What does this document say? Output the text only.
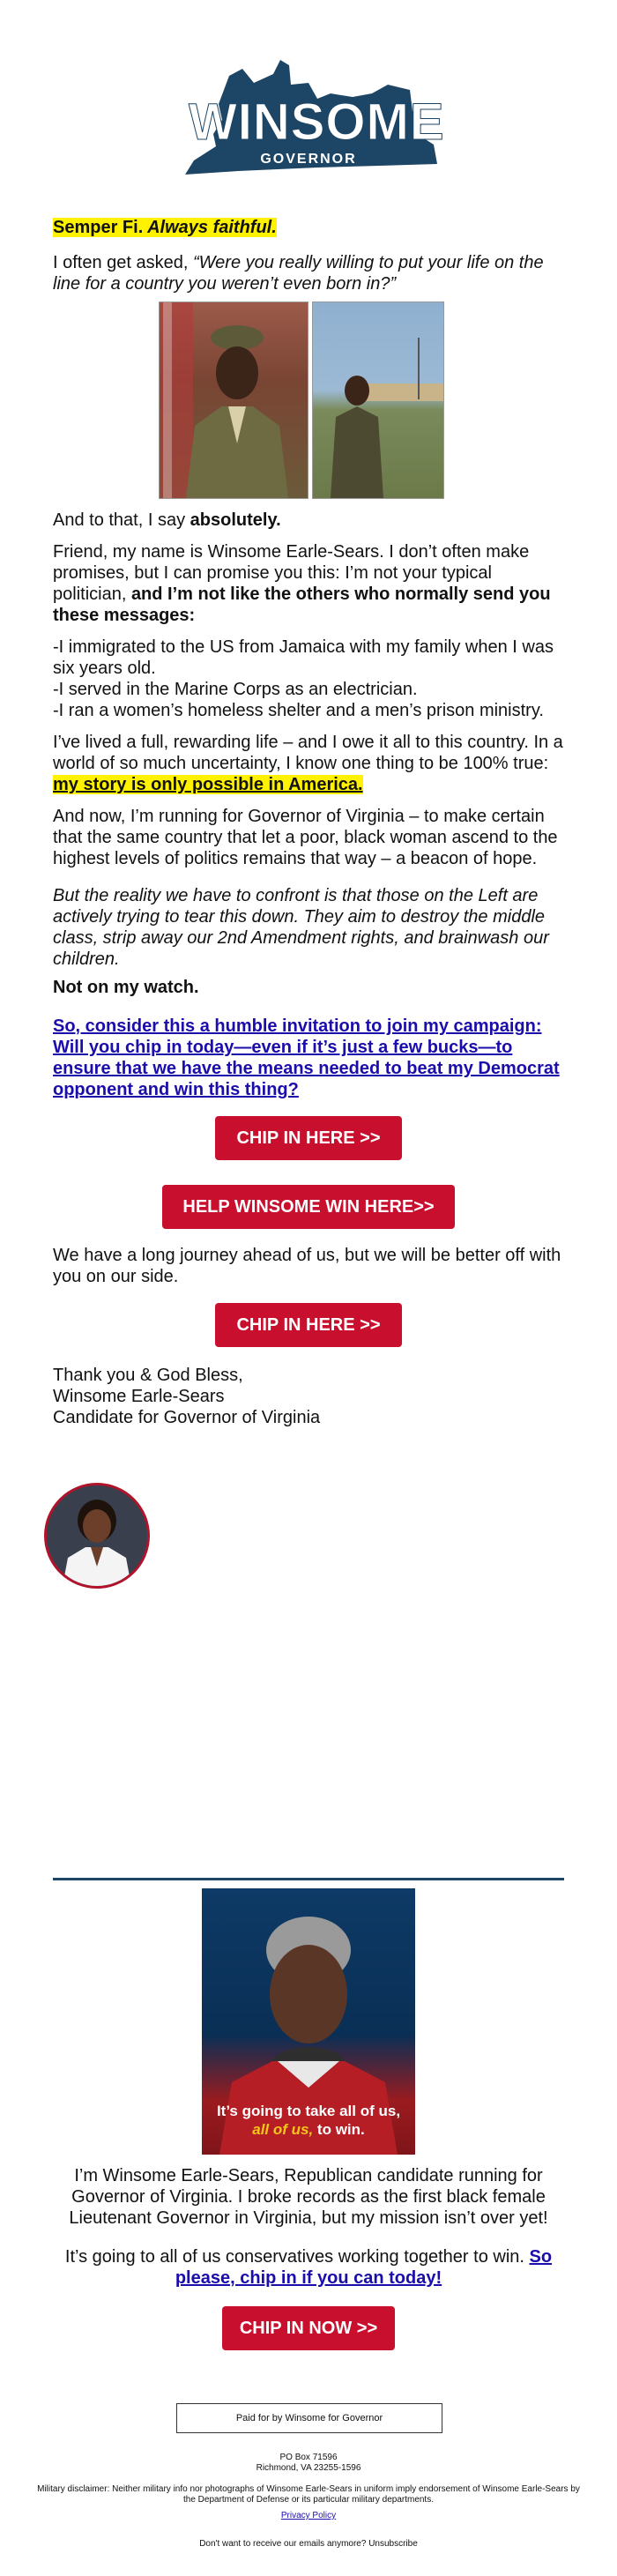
WINSOME
GOVERNOR
Semper Fi. Always faithful.

I often get asked, “Were you really willing to put your life on the line for a country you weren’t even born in?”

And to that, I say absolutely.

Friend, my name is Winsome Earle-Sears. I don’t often make promises, but I can promise you this: I’m not your typical politician, and I’m not like the others who normally send you these messages:

-I immigrated to the US from Jamaica with my family when I was six years old.

-I served in the Marine Corps as an electrician.

-I ran a women’s homeless shelter and a men’s prison ministry.

I’ve lived a full, rewarding life – and I owe it all to this country. In a world of so much uncertainty, I know one thing to be 100% true: my story is only possible in America.

And now, I’m running for Governor of Virginia – to make certain that the same country that let a poor, black woman ascend to the highest levels of politics remains that way – a beacon of hope.

But the reality we have to confront is that those on the Left are actively trying to tear this down. They aim to destroy the middle class, strip away our 2nd Amendment rights, and brainwash our children.

Not on my watch.

So, consider this a humble invitation to join my campaign: Will you chip in today—even if it’s just a few bucks—to ensure that we have the means needed to beat my Democrat opponent and win this thing?

CHIP IN HERE >>
HELP WINSOME WIN HERE>>

We have a long journey ahead of us, but we will be better off with you on our side.

CHIP IN HERE >>

Thank you & God Bless,

Winsome Earle-Sears

Candidate for Governor of Virginia

It’s going to take all of us, all of us, to win.

I’m Winsome Earle-Sears, Republican candidate running for Governor of Virginia. I broke records as the first black female Lieutenant Governor in Virginia, but my mission isn’t over yet!

It’s going to all of us conservatives working together to win. So please, chip in if you can today!

CHIP IN NOW >>
Paid for by Winsome for Governor
PO Box 71596
Richmond, VA 23255-1596
Military disclaimer: Neither military info nor photographs of Winsome Earle-Sears in uniform imply endorsement of Winsome Earle-Sears by the Department of Defense or its particular military departments.
Privacy Policy
Don't want to receive our emails anymore? Unsubscribe
